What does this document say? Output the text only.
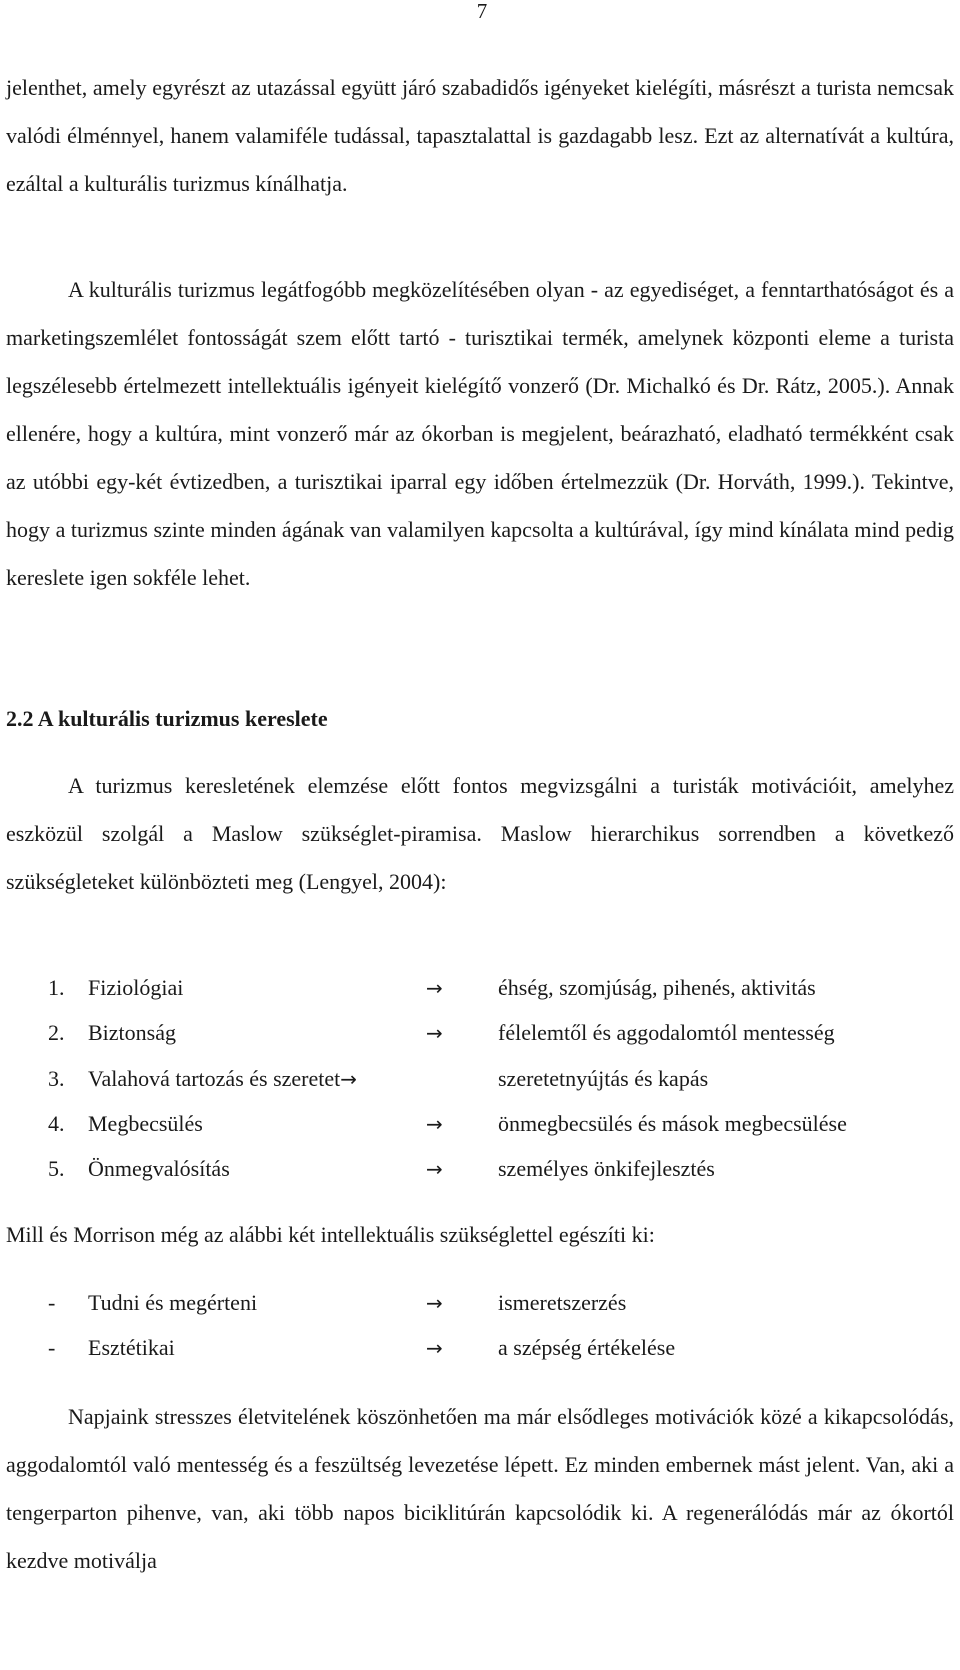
7

jelenthet, amely egyrészt az utazással együtt járó szabadidős igényeket kielégíti, másrészt a turista nemcsak valódi élménnyel, hanem valamiféle tudással, tapasztalattal is gazdagabb lesz. Ezt az alternatívát a kultúra, ezáltal a kulturális turizmus kínálhatja.

A kulturális turizmus legátfogóbb megközelítésében olyan - az egyediséget, a fenntarthatóságot és a marketingszemlélet fontosságát szem előtt tartó - turisztikai termék, amelynek központi eleme a turista legszélesebb értelmezett intellektuális igényeit kielégítő vonzerő (Dr. Michalkó és Dr. Rátz, 2005.). Annak ellenére, hogy a kultúra, mint vonzerő már az ókorban is megjelent, beárazható, eladható termékként csak az utóbbi egy-két évtizedben, a turisztikai iparral egy időben értelmezzük (Dr. Horváth, 1999.). Tekintve, hogy a turizmus szinte minden ágának van valamilyen kapcsolta a kultúrával, így mind kínálata mind pedig kereslete igen sokféle lehet.

2.2 A kulturális turizmus kereslete

A turizmus keresletének elemzése előtt fontos megvizsgálni a turisták motivációit, amelyhez eszközül szolgál a Maslow szükséglet-piramisa. Maslow hierarchikus sorrendben a következő szükségleteket különbözteti meg (Lengyel, 2004):

1. Fiziológiai	→	éhség, szomjúság, pihenés, aktivitás
2. Biztonság	→	félelemtől és aggodalomtól mentesség
3. Valahová tartozás és szeretet→	szeretetnyújtás és kapás
4. Megbecsülés	→	önmegbecsülés és mások megbecsülése
5. Önmegvalósítás	→	személyes önkifejlesztés

Mill és Morrison még az alábbi két intellektuális szükséglettel egészíti ki:

- Tudni és megérteni	→	ismeretszerzés
- Esztétikai	→	a szépség értékelése

Napjaink stresszes életvitelének köszönhetően ma már elsődleges motivációk közé a kikapcsolódás, aggodalomtól való mentesség és a feszültség levezetése lépett. Ez minden embernek mást jelent. Van, aki a tengerparton pihenve, van, aki több napos biciklitúrán kapcsolódik ki. A regenerálódás már az ókortól kezdve motiválja
